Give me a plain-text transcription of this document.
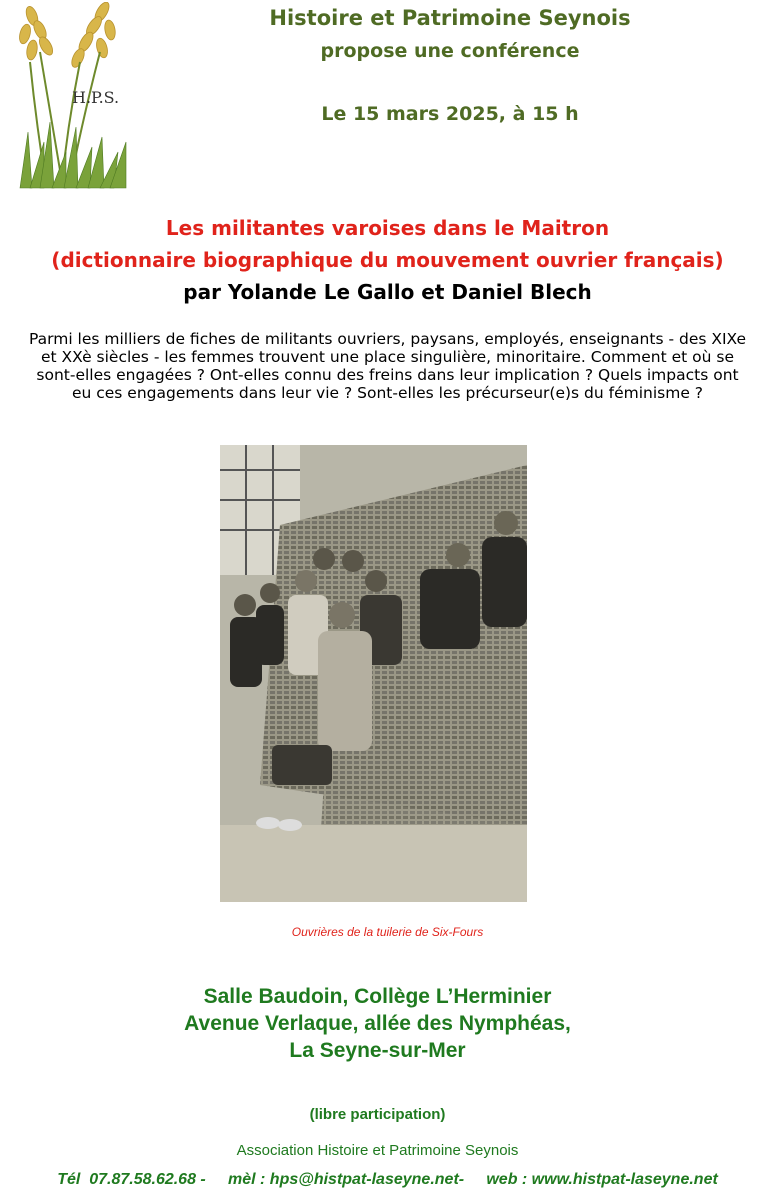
H.P.S.
Histoire et Patrimoine Seynois
propose une conférence
Le 15 mars 2025, à 15 h
Les militantes varoises dans le Maitron
(dictionnaire biographique du mouvement ouvrier français)
par Yolande Le Gallo et Daniel Blech
Parmi les milliers de fiches de militants ouvriers, paysans, employés, enseignants - des XIXe
et XXè siècles - les femmes trouvent une place singulière, minoritaire. Comment et où se
sont-elles engagées ? Ont-elles connu des freins dans leur implication ? Quels impacts ont
eu ces engagements dans leur vie ? Sont-elles les précurseur(e)s du féminisme ?
Ouvrières de la tuilerie de Six-Fours
Salle Baudoin, Collège L’Herminier
Avenue Verlaque, allée des Nymphéas,
La Seyne-sur-Mer
(libre participation)
Association Histoire et Patrimoine Seynois
Tél  07.87.58.62.68 - mèl : hps@histpat-laseyne.net- web : www.histpat-laseyne.net
